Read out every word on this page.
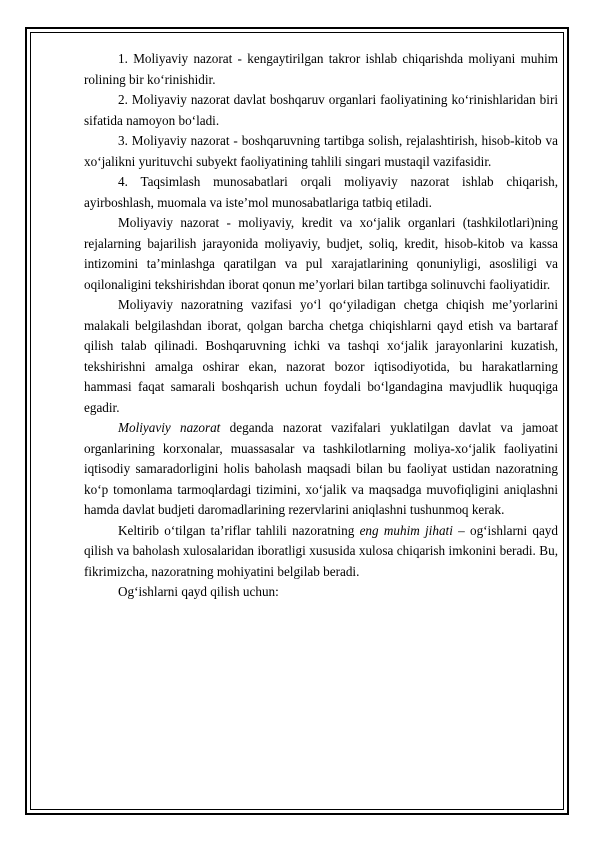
1. Moliyaviy nazorat - kengaytirilgan takror ishlab chiqarishda moliyani muhim rolining bir ko‘rinishidir.

2. Moliyaviy nazorat davlat boshqaruv organlari faoliyatining ko‘rinishlaridan biri sifatida namoyon bo‘ladi.

3. Moliyaviy nazorat - boshqaruvning tartibga solish, rejalashtirish, hisob-kitob va xo‘jalikni yurituvchi subyekt faoliyatining tahlili singari mustaqil vazifasidir.

4. Taqsimlash munosabatlari orqali moliyaviy nazorat ishlab chiqarish, ayirboshlash, muomala va iste’mol munosabatlariga tatbiq etiladi.

Moliyaviy nazorat - moliyaviy, kredit va xo‘jalik organlari (tashkilotlari)ning rejalarning bajarilish jarayonida moliyaviy, budjet, soliq, kredit, hisob-kitob va kassa intizomini ta’minlashga qaratilgan va pul xarajatlarining qonuniyligi, asosliligi va oqilonaligini tekshirishdan iborat qonun me’yorlari bilan tartibga solinuvchi faoliyatidir.

Moliyaviy nazoratning vazifasi yo‘l qo‘yiladigan chetga chiqish me’yorlarini malakali belgilashdan iborat, qolgan barcha chetga chiqishlarni qayd etish va bartaraf qilish talab qilinadi. Boshqaruvning ichki va tashqi xo‘jalik jarayonlarini kuzatish, tekshirishni amalga oshirar ekan, nazorat bozor iqtisodiyotida, bu harakatlarning hammasi faqat samarali boshqarish uchun foydali bo‘lgandagina mavjudlik huquqiga egadir.

Moliyaviy nazorat deganda nazorat vazifalari yuklatilgan davlat va jamoat organlarining korxonalar, muassasalar va tashkilotlarning moliya-xo‘jalik faoliyatini iqtisodiy samaradorligini holis baholash maqsadi bilan bu faoliyat ustidan nazoratning ko‘p tomonlama tarmoqlardagi tizimini, xo‘jalik va maqsadga muvofiqligini aniqlashni hamda davlat budjeti daromadlarining rezervlarini aniqlashni tushunmoq kerak.

Keltirib o‘tilgan ta’riflar tahlili nazoratning eng muhim jihati – og‘ishlarni qayd qilish va baholash xulosalaridan iboratligi xususida xulosa chiqarish imkonini beradi. Bu, fikrimizcha, nazoratning mohiyatini belgilab beradi.

Og‘ishlarni qayd qilish uchun:
